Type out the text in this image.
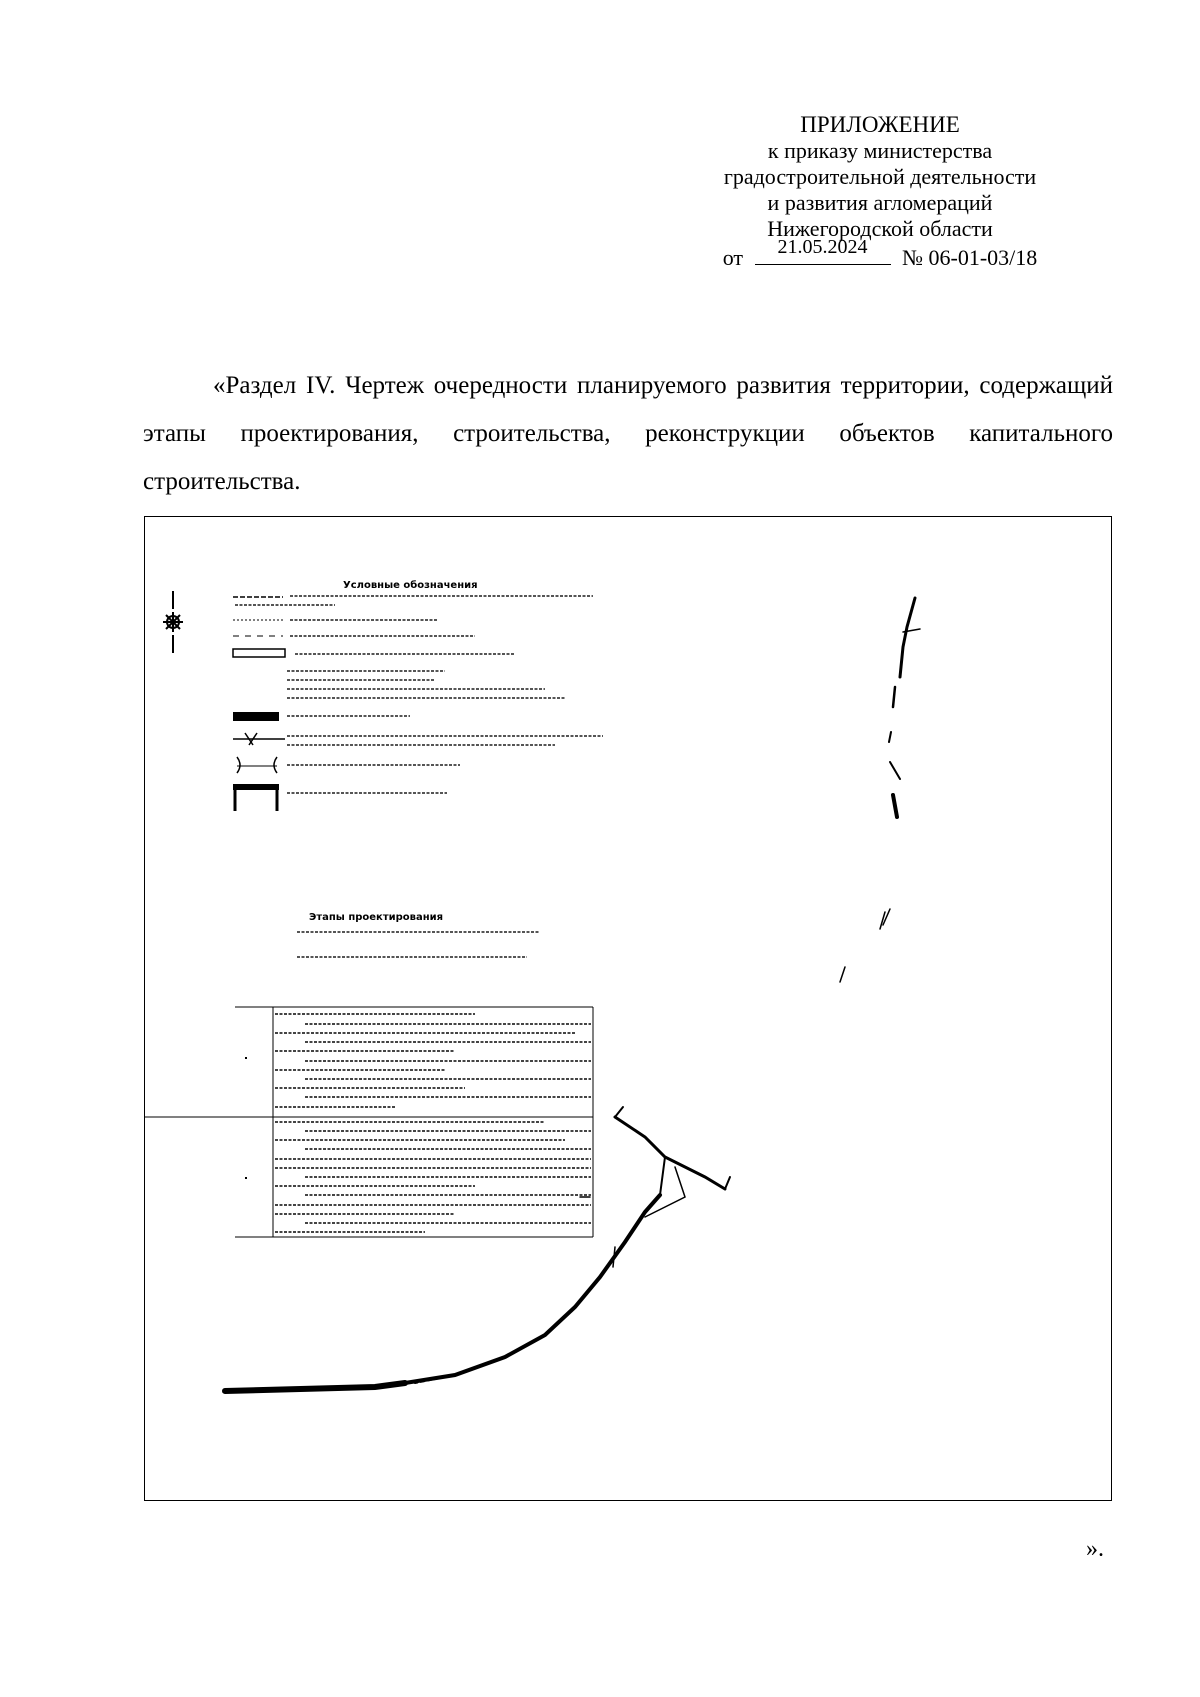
ПРИЛОЖЕНИЕ
к приказу министерства
градостроительной деятельности
и развития агломераций
Нижегородской области
от	21.05.2024	№ 06-01-03/18
«Раздел IV. Чертеж очередности планируемого развития территории, содержащий этапы проектирования, строительства, реконструкции объектов капитального строительства.
Условные обозначения
Этапы проектирования
».
